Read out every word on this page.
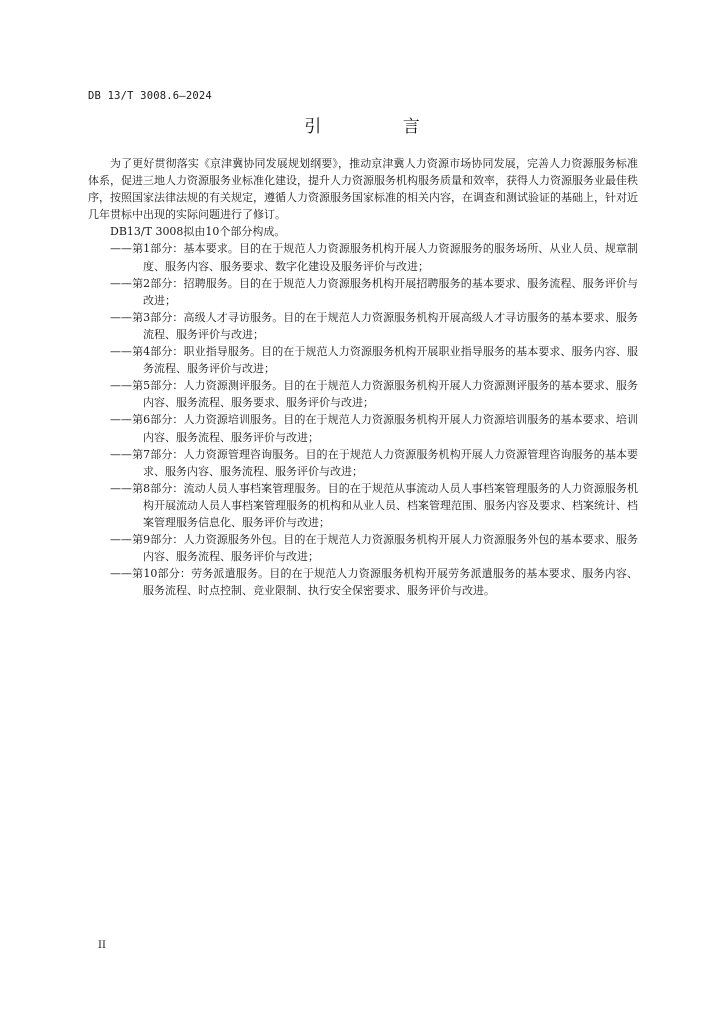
DB 13/T 3008.6—2024
引 言

为了更好贯彻落实《京津冀协同发展规划纲要》，推动京津冀人力资源市场协同发展，完善人力资源服务标准体系，促进三地人力资源服务业标准化建设，提升人力资源服务机构服务质量和效率，获得人力资源服务业最佳秩序，按照国家法律法规的有关规定，遵循人力资源服务国家标准的相关内容，在调查和测试验证的基础上，针对近几年贯标中出现的实际问题进行了修订。

DB13/T 3008拟由10个部分构成。

——第1部分：基本要求。目的在于规范人力资源服务机构开展人力资源服务的服务场所、从业人员、规章制度、服务内容、服务要求、数字化建设及服务评价与改进；

——第2部分：招聘服务。目的在于规范人力资源服务机构开展招聘服务的基本要求、服务流程、服务评价与改进；

——第3部分：高级人才寻访服务。目的在于规范人力资源服务机构开展高级人才寻访服务的基本要求、服务流程、服务评价与改进；

——第4部分：职业指导服务。目的在于规范人力资源服务机构开展职业指导服务的基本要求、服务内容、服务流程、服务评价与改进；

——第5部分：人力资源测评服务。目的在于规范人力资源服务机构开展人力资源测评服务的基本要求、服务内容、服务流程、服务要求、服务评价与改进；

——第6部分：人力资源培训服务。目的在于规范人力资源服务机构开展人力资源培训服务的基本要求、培训内容、服务流程、服务评价与改进；

——第7部分：人力资源管理咨询服务。目的在于规范人力资源服务机构开展人力资源管理咨询服务的基本要求、服务内容、服务流程、服务评价与改进；

——第8部分：流动人员人事档案管理服务。目的在于规范从事流动人员人事档案管理服务的人力资源服务机构开展流动人员人事档案管理服务的机构和从业人员、档案管理范围、服务内容及要求、档案统计、档案管理服务信息化、服务评价与改进；

——第9部分：人力资源服务外包。目的在于规范人力资源服务机构开展人力资源服务外包的基本要求、服务内容、服务流程、服务评价与改进；

——第10部分：劳务派遣服务。目的在于规范人力资源服务机构开展劳务派遣服务的基本要求、服务内容、服务流程、时点控制、竞业限制、执行安全保密要求、服务评价与改进。

II
